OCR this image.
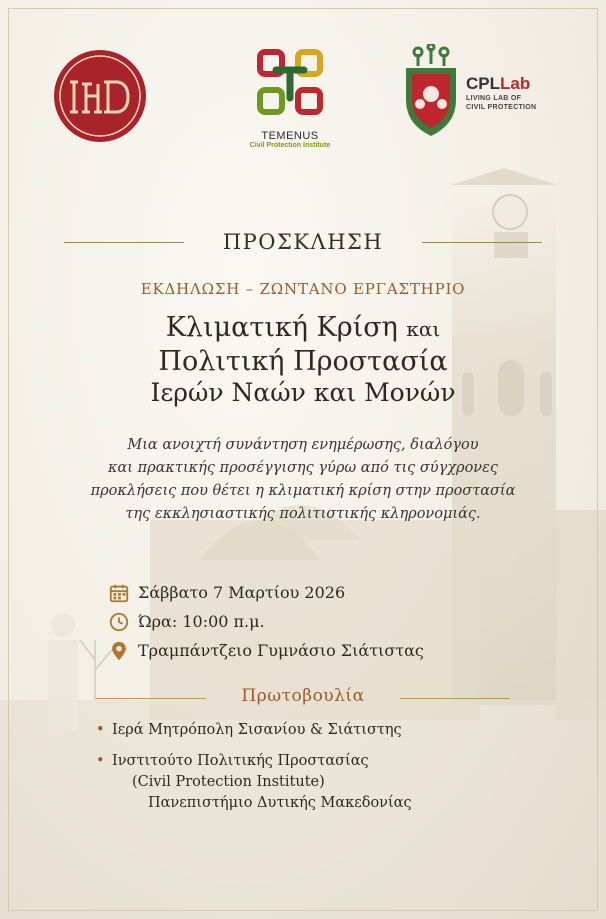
TEMENUS
Civil Protection Institute
CPLLab
LIVING LAB OF
CIVIL PROTECTION
ΠΡΟΣΚΛΗΣΗ
ΕΚΔΗΛΩΣΗ – ΖΩΝΤΑΝΟ ΕΡΓΑΣΤΗΡΙΟ
Κλιματική Κρίση και
Πολιτική Προστασία
Ιερών Ναών και Μονών
Μια ανοιχτή συνάντηση ενημέρωσης, διαλόγου
και πρακτικής προσέγγισης γύρω από τις σύγχρονες
προκλήσεις που θέτει η κλιματική κρίση στην προστασία
της εκκλησιαστικής πολιτιστικής κληρονομιάς.
Σάββατο 7 Μαρτίου 2026
Ώρα: 10:00 π.μ.
Τραμπάντζειο Γυμνάσιο Σιάτιστας
Πρωτοβουλία
• Ιερά Μητρόπολη Σισανίου & Σιάτιστης
• Ινστιτούτο Πολιτικής Προστασίας
(Civil Protection Institute)
Πανεπιστήμιο Δυτικής Μακεδονίας
